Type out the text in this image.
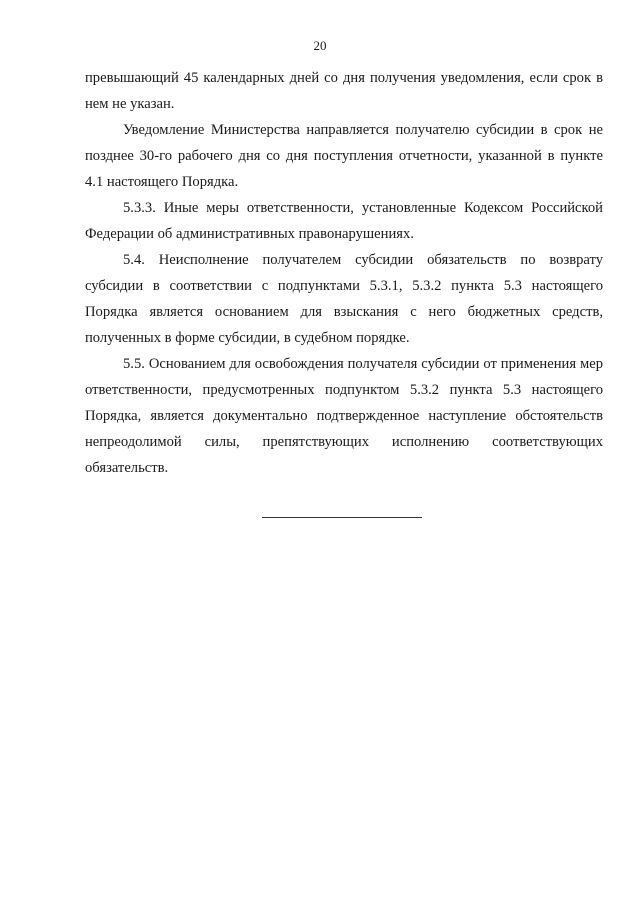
20

превышающий 45 календарных дней со дня получения уведомления, если срок в нем не указан.

Уведомление Министерства направляется получателю субсидии в срок не позднее 30-го рабочего дня со дня поступления отчетности, указанной в пункте 4.1 настоящего Порядка.

5.3.3. Иные меры ответственности, установленные Кодексом Российской Федерации об административных правонарушениях.

5.4. Неисполнение получателем субсидии обязательств по возврату субсидии в соответствии с подпунктами 5.3.1, 5.3.2 пункта 5.3 настоящего Порядка является основанием для взыскания с него бюджетных средств, полученных в форме субсидии, в судебном порядке.

5.5. Основанием для освобождения получателя субсидии от применения мер ответственности, предусмотренных подпунктом 5.3.2 пункта 5.3 настоящего Порядка, является документально подтвержденное наступление обстоятельств непреодолимой силы, препятствующих исполнению соответствующих обязательств.
